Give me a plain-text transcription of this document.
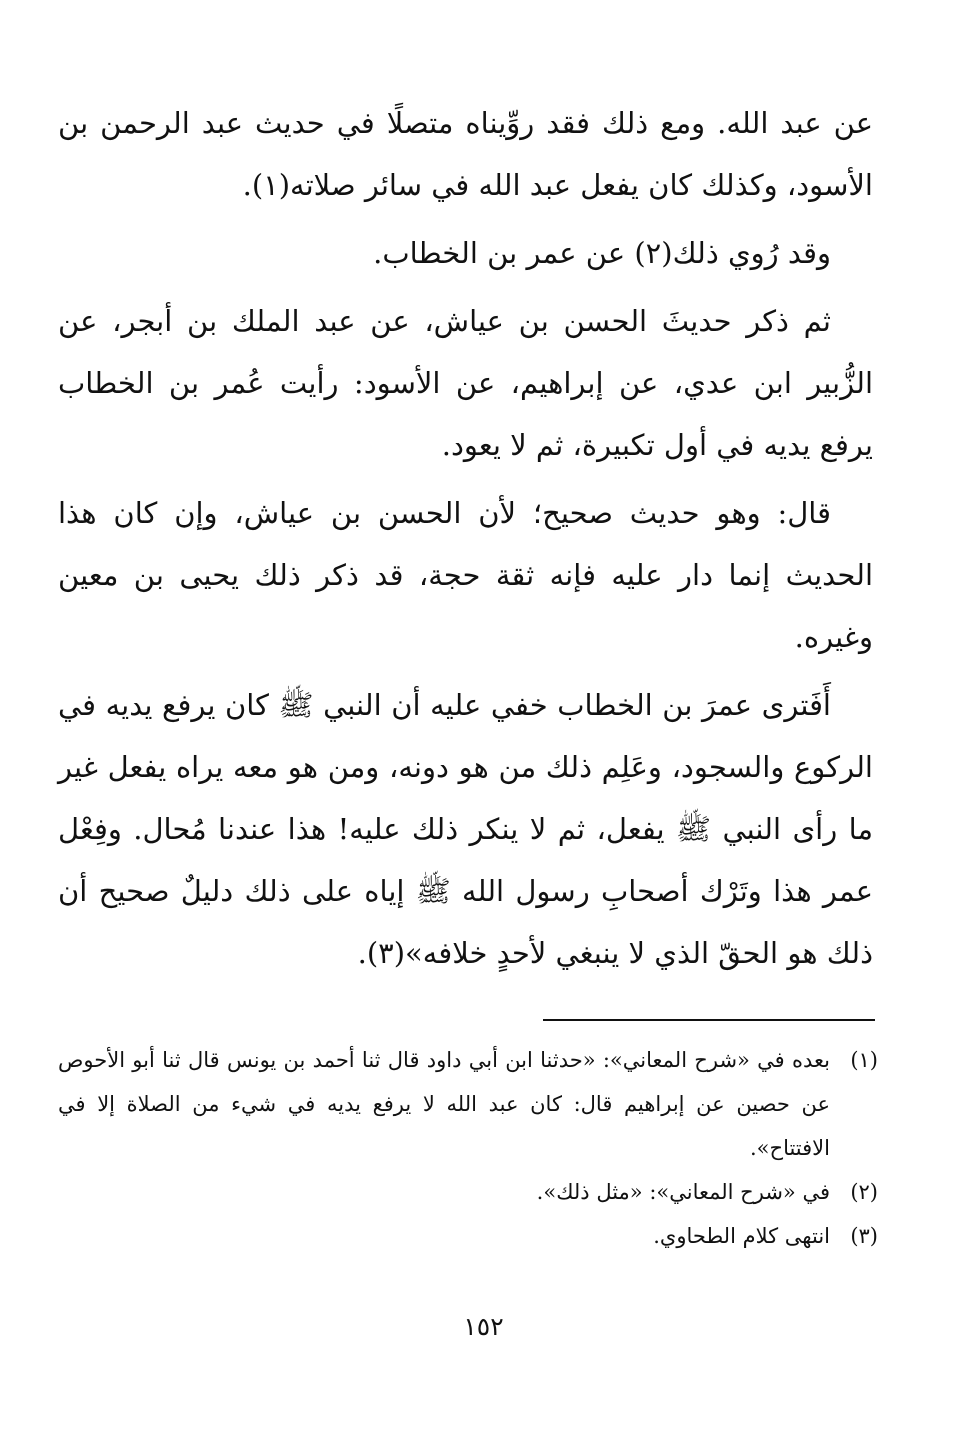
عن عبد الله. ومع ذلك فقد روِّيناه متصلًا في حديث عبد الرحمن بن الأسود، وكذلك كان يفعل عبد الله في سائر صلاته(١).

وقد رُوي ذلك(٢) عن عمر بن الخطاب.

ثم ذكر حديثَ الحسن بن عياش، عن عبد الملك بن أبجر، عن الزُّبير ابن عدي، عن إبراهيم، عن الأسود: رأيت عُمر بن الخطاب يرفع يديه في أول تكبيرة، ثم لا يعود.

قال: وهو حديث صحيح؛ لأن الحسن بن عياش، وإن كان هذا الحديث إنما دار عليه فإنه ثقة حجة، قد ذكر ذلك يحيى بن معين وغيره.

أَفَترى عمرَ بن الخطاب خفي عليه أن النبي ﷺ كان يرفع يديه في الركوع والسجود، وعَلِم ذلك من هو دونه، ومن هو معه يراه يفعل غير ما رأى النبي ﷺ يفعل، ثم لا ينكر ذلك عليه! هذا عندنا مُحال. وفِعْل عمر هذا وتَرْك أصحابِ رسول الله ﷺ إياه على ذلك دليلٌ صحيح أن ذلك هو الحقّ الذي لا ينبغي لأحدٍ خلافه»(٣).

(١)
بعده في «شرح المعاني»: «حدثنا ابن أبي داود قال ثنا أحمد بن يونس قال ثنا أبو الأحوص عن حصين عن إبراهيم قال: كان عبد الله لا يرفع يديه في شيء من الصلاة إلا في الافتتاح».
(٢)
في «شرح المعاني»: «مثل ذلك».
(٣)
انتهى كلام الطحاوي.
١٥٢
